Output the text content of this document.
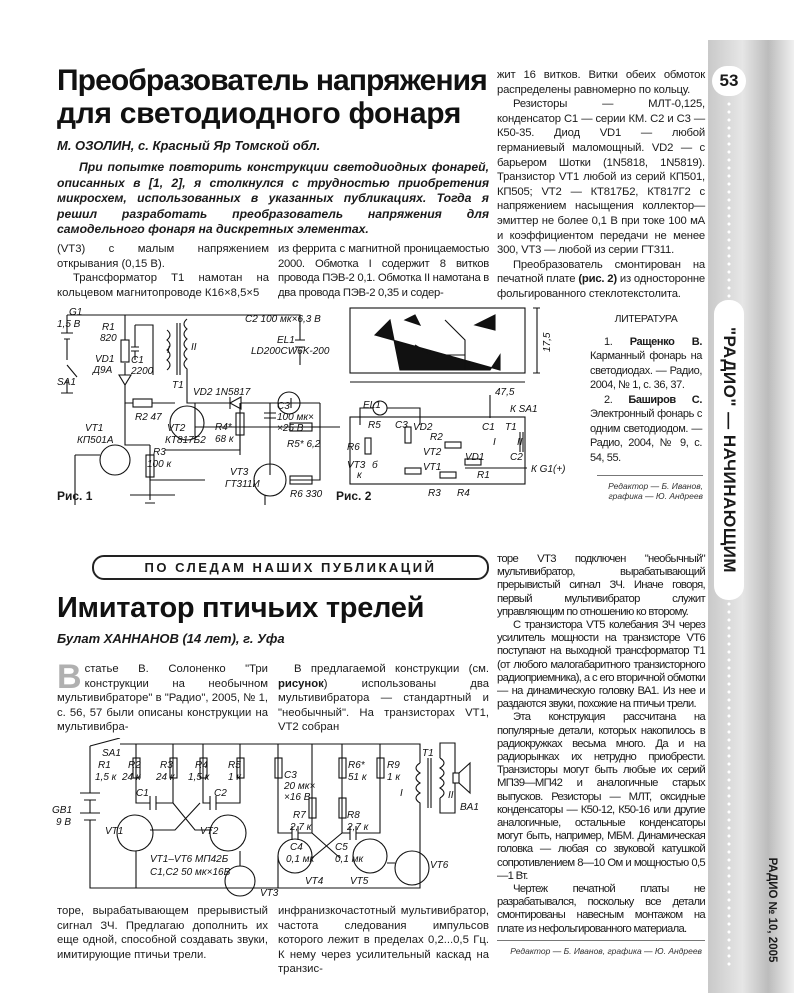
53
"РАДИО" — НАЧИНАЮЩИМ
РАДИО № 10, 2005
Преобразователь напряжения
для светодиодного фонаря
М. ОЗОЛИН, с. Красный Яр Томской обл.
При попытке повторить конструкции светодиодных фонарей, описанных в [1, 2], я столкнулся с трудностью приобретения микросхем, использованных в указанных публикациях. Тогда я решил разработать преобразователь напряжения для самодельного фонаря на дискретных элементах.

(VT3) с малым напряжением открывания (0,15 В).

Трансформатор Т1 намотан на кольцевом магнитопроводе К16×8,5×5

из феррита с магнитной проницаемостью 2000. Обмотка I содержит 8 витков провода ПЭВ-2 0,1. Обмотка II намотана в два провода ПЭВ-2 0,35 и содер-

жит 16 витков. Витки обеих обмоток распределены равномерно по кольцу.

Резисторы — МЛТ-0,125, конденсатор С1 — серии КМ. С2 и С3 — К50-35. Диод VD1 — любой германиевый маломощный. VD2 — с барьером Шотки (1N5818, 1N5819). Транзистор VT1 любой из серий КП501, КП505; VT2 — КТ817Б2, КТ817Г2 с напряжением насыщения коллектор—эмиттер не более 0,1 В при токе 100 мА и коэффициентом передачи не менее 300, VT3 — любой из серии ГТ311.

Преобразователь смонтирован на печатной плате (рис. 2) из односторонне фольгированного стеклотекстолита.

ЛИТЕРАТУРА

1. Ращенко В. Карманный фонарь на светодиодах. — Радио, 2004, № 1, с. 36, 37.

2. Баширов С. Электронный фонарь с одним светодиодом. — Радио, 2004, № 9, с. 54, 55.

Редактор — Б. Иванов,
графика — Ю. Андреев
G1
1,5 В R1
820
VD1
Д9А
SA1
C1
2200
I II
T1
R2 47
C2 100 мк×6,3 В
EL1
LD200CW6K-200
VD2 1N5817
R4*
68 к
VT2
КТ817Б2
VT1
КП501А
R3
100 к
C3
100 мк×
×25 В
R5* 6,2
VT3
ГТ311И
R6 330
Рис. 1
47,5
17,5
EL1	К SA1
R5 C3 VD2	C1 T1
R2	I II
R6	VT2 VD1	C2
VT3 б
к
VT1
R1
К G1(+)
R3 R4
Рис. 2
ПО СЛЕДАМ НАШИХ ПУБЛИКАЦИЙ
Имитатор птичьих трелей
Булат ХАННАНОВ (14 лет), г. Уфа
Встатье В. Солоненко "Три конструкции на необычном мультивибраторе" в "Радио", 2005, № 1, с. 56, 57 были описаны конструкции на мультивибра-

В предлагаемой конструкции (см. рисунок) использованы два мультивибратора — стандартный и "необычный". На транзисторах VT1, VT2 собран

SA1
R1
1,5 к
R2
24 к
R3
24 к
R4
1,5 к
R5
1 к	C3
20 мк×
×16 В
R6*
51 к
R9
1 к
T1
I	II
BA1
C1	C2
GB1
9 В
VT1	VT2
R7
2,7 к
R8
2,7 к
C4
0,1 мк
C5
0,1 мк
VT1–VT6 МП42Б
C1,C2 50 мк×16В
VT3
VT4	VT5
VT6

торе, вырабатывающем прерывистый сигнал ЗЧ. Предлагаю дополнить их еще одной, способной создавать звуки, имитирующие птичьи трели.

инфранизкочастотный мультивибратор, частота следования импульсов которого лежит в пределах 0,2...0,5 Гц. К нему через усилительный каскад на транзис-

торе VT3 подключен "необычный" мультивибратор, вырабатывающий прерывистый сигнал ЗЧ. Иначе говоря, первый мультивибратор служит управляющим по отношению ко второму.

С транзистора VT5 колебания ЗЧ через усилитель мощности на транзисторе VT6 поступают на выходной трансформатор Т1 (от любого малогабаритного транзисторного радиоприемника), а с его вторичной обмотки — на динамическую головку ВА1. Из нее и раздаются звуки, похожие на птичьи трели.

Эта конструкция рассчитана на популярные детали, которых накопилось в радиокружках весьма много. Да и на радиорынках их нетрудно приобрести. Транзисторы могут быть любые их серий МП39—МП42 и аналогичные старых выпусков. Резисторы — МЛТ, оксидные конденсаторы — К50-12, К50-16 или другие аналогичные, остальные конденсаторы могут быть, например, МБМ. Динамическая головка — любая со звуковой катушкой сопротивлением 8—10 Ом и мощностью 0,5—1 Вт.

Чертеж печатной платы не разрабатывался, поскольку все детали смонтированы навесным монтажом на плате из нефольгированного материала.

Редактор — Б. Иванов, графика — Ю. Андреев
